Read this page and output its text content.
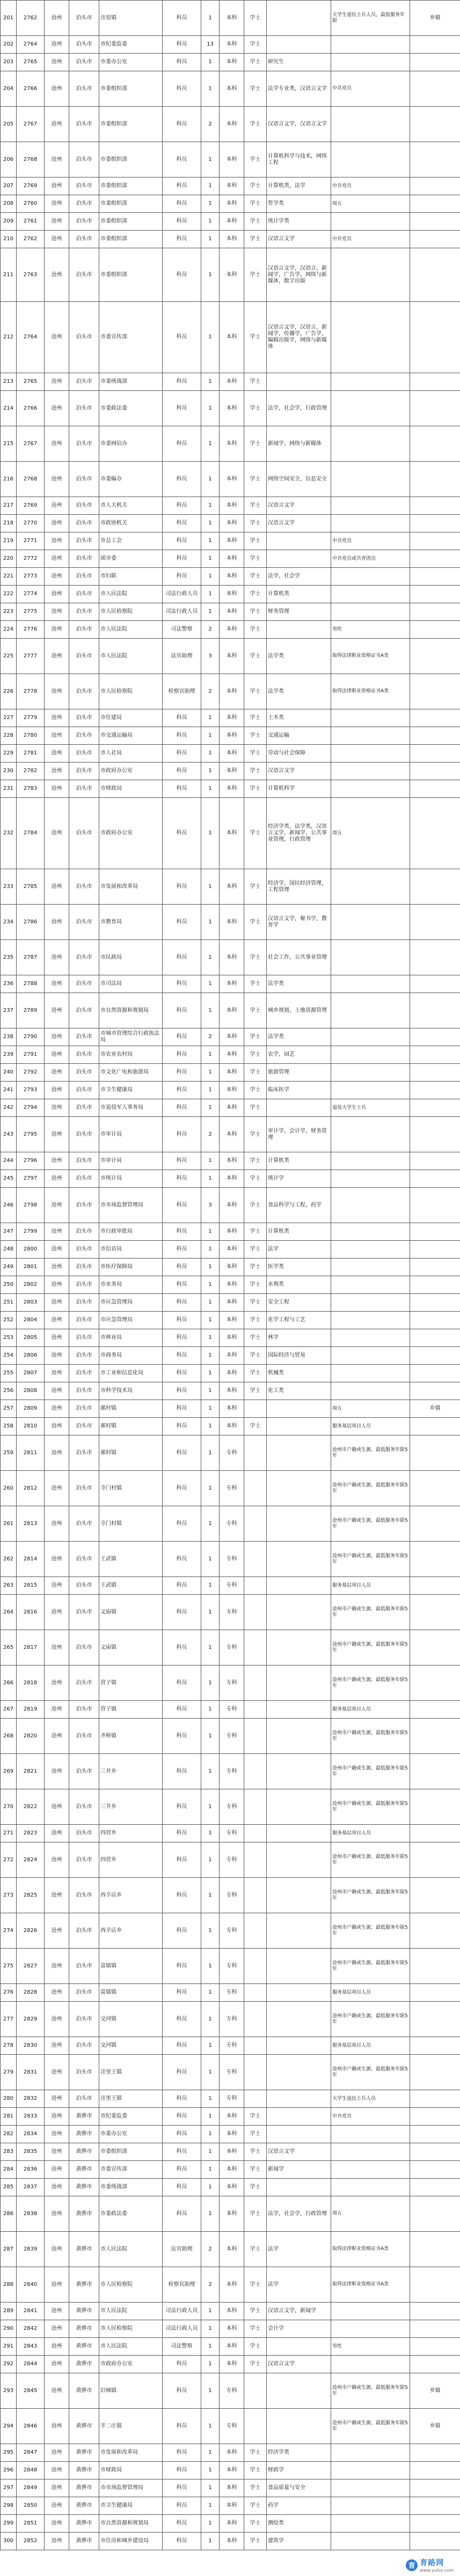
201	2762	沧州	泊头市	洼窑镇	科员	1	本科	学士		大学生退伍士兵人员，最低服务年限	乡镇
202	2764	沧州	泊头市	市纪委监委	科员	13	本科	学士			
203	2765	沧州	泊头市	市委办公室	科员	1	本科	学士	研究生		
204	2766	沧州	泊头市	市委组织部	科员	1	本科	学士	法学专业类，汉语言文学	中共党员	
205	2767	沧州	泊头市	市委组织部	科员	2	本科	学士	汉语言文学，汉语言文学		
206	2768	沧州	泊头市	市委组织部	科员	1	本科	学士	计算机科学与技术，网络工程		
207	2769	沧州	泊头市	市委组织部	科员	1	本科	学士	计算机类，法学	中共党员	
208	2760	沧州	泊头市	市委组织部	科员	1	本科	学士	哲学类	周五	
209	2761	沧州	泊头市	市委组织部	科员	1	本科	学士	统计学类		
210	2762	沧州	泊头市	市委组织部	科员	1	本科	学士	汉语言文学	中共党员	
211	2763	沧州	泊头市	市委组织部	科员	1	本科	学士	汉语言文学，汉语言，新闻学，广告学，网络与新媒体，数字出版		
212	2764	沧州	泊头市	市委宣传部	科员	1	本科	学士	汉语言文学，汉语言，新闻学，传播学，广告学，编辑出版学，网络与新媒体		
213	2765	沧州	泊头市	市委统战部	科员	1	本科	学士			
214	2766	沧州	泊头市	市委政法委	科员	1	本科	学士	法学，社会学，行政管理		
215	2767	沧州	泊头市	市委网信办	科员	1	本科	学士	新闻学，网络与新媒体		
216	2768	沧州	泊头市	市委编办	科员	1	本科	学士	网络空间安全，信息安全		
217	2769	沧州	泊头市	市人大机关	科员	1	本科	学士	汉语言文学		
218	2770	沧州	泊头市	市政协机关	科员	1	本科	学士	汉语言文学		
219	2771	沧州	泊头市	市总工会	科员	1	本科	学士		中共党员	
220	2772	沧州	泊头市	团市委	科员	1	本科	学士		中共党员或共青团员	
221	2773	沧州	泊头市	市妇联	科员	1	本科	学士	法学，社会学		
222	2774	沧州	泊头市	市人民法院	司法行政人员	1	本科	学士	计算机类		
223	2775	沧州	泊头市	市人民检察院	司法行政人员	1	本科	学士	财务管理		
224	2776	沧州	泊头市	市人民法院	司法警察	2	本科	学士		男性	
225	2777	沧州	泊头市	市人民法院	法官助理	3	本科	学士	法学类	取得法律职业资格证书A类	
226	2778	沧州	泊头市	市人民检察院	检察官助理	2	本科	学士	法学类	取得法律职业资格证书A类	
227	2779	沧州	泊头市	市住建局	科员	1	本科	学士	土木类		
228	2780	沧州	泊头市	市交通运输局	科员	1	本科	学士	交通运输		
229	2781	沧州	泊头市	市人社局	科员	1	本科	学士	劳动与社会保障		
230	2782	沧州	泊头市	市政府办公室	科员	1	本科	学士	汉语言文学		
231	2783	沧州	泊头市	市财政局	科员	1	本科	学士	计算机科学		
232	2784	沧州	泊头市	市政府办公室	科员	1	本科	学士	经济学类，法学类，汉语言文学，新闻学，公共事业管理，行政管理	周五	
233	2785	沧州	泊头市	市发展和改革局	科员	1	本科	学士	经济学，国民经济管理，工程管理		
234	2786	沧州	泊头市	市教育局	科员	1	本科	学士	汉语言文学，秘书学，教育学		
235	2787	沧州	泊头市	市民政局	科员	1	本科	学士	社会工作，公共事业管理		
236	2788	沧州	泊头市	市司法局	科员	1	本科	学士	法学类		
237	2789	沧州	泊头市	市自然资源和规划局	科员	1	本科	学士	城乡规划，土地资源管理		
238	2790	沧州	泊头市	市城市管理综合行政执法局	科员	2	本科	学士	法学类		
239	2791	沧州	泊头市	市农业农村局	科员	1	本科	学士	农学，园艺		
240	2792	沧州	泊头市	市文化广电和旅游局	科员	1	本科	学士	旅游管理		
241	2793	沧州	泊头市	市卫生健康局	科员	1	本科	学士	临床医学		
242	2794	沧州	泊头市	市退役军人事务局	科员	1	本科	学士		退役大学生士兵	
243	2795	沧州	泊头市	市审计局	科员	2	本科	学士	审计学，会计学，财务管理		
244	2796	沧州	泊头市	市审计局	科员	1	本科	学士	计算机类		
245	2797	沧州	泊头市	市统计局	科员	1	本科	学士	统计学		
246	2798	沧州	泊头市	市市场监督管理局	科员	3	本科	学士	食品科学与工程，药学		
247	2799	沧州	泊头市	市行政审批局	科员	1	本科	学士	计算机类		
248	2800	沧州	泊头市	市信访局	科员	1	本科	学士	法学		
249	2801	沧州	泊头市	市医疗保障局	科员	1	本科	学士	医学类		
250	2802	沧州	泊头市	市水务局	科员	1	本科	学士	水利类		
251	2803	沧州	泊头市	市应急管理局	科员	1	本科	学士	安全工程		
252	2804	沧州	泊头市	市应急管理局	科员	1	本科	学士	化学工程与工艺		
253	2805	沧州	泊头市	市林业局	科员	1	本科	学士	林学		
254	2806	沧州	泊头市	市商务局	科员	1	本科	学士	国际经济与贸易		
255	2807	沧州	泊头市	市工业和信息化局	科员	1	本科	学士	机械类		
256	2808	沧州	泊头市	市科学技术局	科员	1	本科	学士	化工类		
257	2809	沧州	泊头市	郝村镇	科员	1	本科			周五	乡镇
258	2810	沧州	泊头市	郝村镇	科员	1	本科	学士		服务基层项目人员	
259	2811	沧州	泊头市	郝村镇	科员	1	专科			沧州市户籍或生源，最低服务年限5年	
260	2812	沧州	泊头市	寺门村镇	科员	1	专科			沧州市户籍或生源，最低服务年限5年	
261	2813	沧州	泊头市	寺门村镇	科员	1	专科			沧州市户籍或生源，最低服务年限5年	
262	2814	沧州	泊头市	王武镇	科员	1	专科			沧州市户籍或生源，最低服务年限5年	
263	2815	沧州	泊头市	王武镇	科员	1	专科			服务基层项目人员	
264	2816	沧州	泊头市	文庙镇	科员	1	专科			沧州市户籍或生源，最低服务年限5年	
265	2817	沧州	泊头市	文庙镇	科员	1	专科			沧州市户籍或生源，最低服务年限5年	
266	2818	沧州	泊头市	营子镇	科员	1	专科			沧州市户籍或生源，最低服务年限5年	
267	2819	沧州	泊头市	营子镇	科员	1	专科			服务基层项目人员	
268	2820	沧州	泊头市	齐桥镇	科员	1	专科			沧州市户籍或生源，最低服务年限5年	
269	2821	沧州	泊头市	三井乡	科员	1	专科			沧州市户籍或生源，最低服务年限5年	
270	2822	沧州	泊头市	三井乡	科员	1	专科			沧州市户籍或生源，最低服务年限5年	
271	2823	沧州	泊头市	四营乡	科员	1	专科			服务基层项目人员	
272	2824	沧州	泊头市	四营乡	科员	1	专科			沧州市户籍或生源，最低服务年限5年	
273	2825	沧州	泊头市	西辛店乡	科员	1	专科			沧州市户籍或生源，最低服务年限5年	
274	2826	沧州	泊头市	西辛店乡	科员	1	专科			沧州市户籍或生源，最低服务年限5年	
275	2827	沧州	泊头市	富镇镇	科员	1	专科			沧州市户籍或生源，最低服务年限5年	
276	2828	沧州	泊头市	富镇镇	科员	1	专科			服务基层项目人员	
277	2829	沧州	泊头市	交河镇	科员	1	专科			沧州市户籍或生源，最低服务年限5年	
278	2830	沧州	泊头市	交河镇	科员	1	专科			服务基层项目人员	
279	2831	沧州	泊头市	洼里王镇	科员	1	专科			沧州市户籍或生源，最低服务年限5年	
280	2832	沧州	泊头市	洼里王镇	科员	1	专科			大学生退伍士兵人员	
281	2833	沧州	黄骅市	市纪委监委	科员	1	本科	学士		中共党员	
282	2834	沧州	黄骅市	市委办公室	科员	1	本科	学士			
283	2835	沧州	黄骅市	市委组织部	科员	1	本科	学士	汉语言文学		
284	2836	沧州	黄骅市	市委宣传部	科员	1	本科	学士	新闻学		
285	2837	沧州	黄骅市	市委统战部	科员	1	本科	学士			
286	2838	沧州	黄骅市	市委政法委	科员	1	本科	学士	法学，社会学，行政管理	周五	
287	2839	沧州	黄骅市	市人民法院	法官助理	2	本科	学士	法学	取得法律职业资格证书A类	
288	2840	沧州	黄骅市	市人民检察院	检察官助理	2	本科	学士	法学	取得法律职业资格证书A类	
289	2841	沧州	黄骅市	市人民法院	司法行政人员	1	本科	学士	汉语言文学，新闻学		
290	2842	沧州	黄骅市	市人民检察院	司法行政人员	1	本科	学士	会计学		
291	2843	沧州	黄骅市	市人民法院	司法警察	1	本科	学士		男性	
292	2844	沧州	黄骅市	市政府办公室	科员	1	本科	学士	汉语言文学		
293	2845	沧州	黄骅市	旧城镇	科员	1	专科			沧州市户籍或生源，最低服务年限5年	乡镇
294	2846	沧州	黄骅市	羊二庄镇	科员	1	专科			沧州市户籍或生源，最低服务年限5年	乡镇
295	2847	沧州	黄骅市	市发展和改革局	科员	1	本科	学士	经济学类		
296	2848	沧州	黄骅市	市财政局	科员	1	本科	学士	财政学		
297	2849	沧州	黄骅市	市市场监督管理局	科员	1	本科	学士	食品质量与安全		
298	2850	沧州	黄骅市	市卫生健康局	科员	1	本科	学士	药学		
299	2851	沧州	黄骅市	市自然资源和规划局	科员	1	本科	学士	测绘类		
300	2852	沧州	黄骅市	市住房和城乡建设局	科员	1	本科	学士	建筑学		
育 育路网
www.yuloo.com
